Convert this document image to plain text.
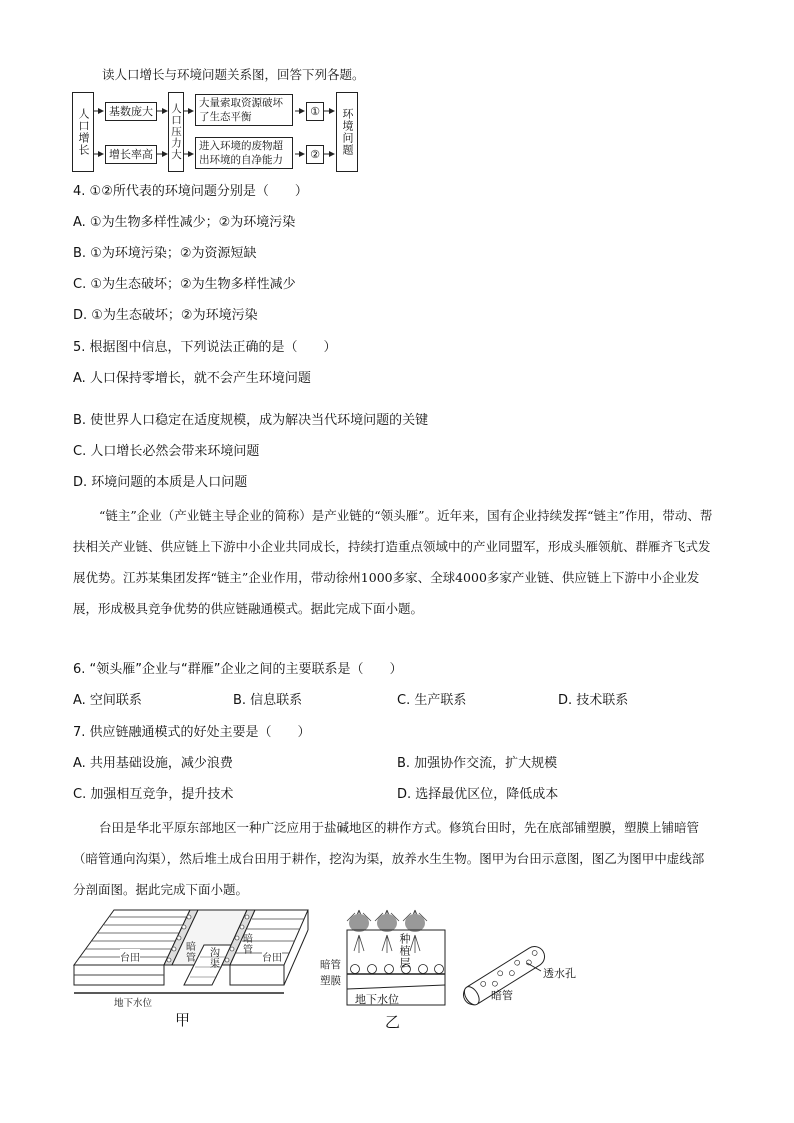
读人口增长与环境问题关系图，回答下列各题。
人口增长	基数庞大
增长率高	人口压力大
大量索取资源破坏了生态平衡
进入环境的废物超出环境的自净能力
①
②	环境问题
4. ①②所代表的环境问题分别是（　　）
A. ①为生物多样性减少；②为环境污染
B. ①为环境污染；②为资源短缺
C. ①为生态破坏；②为生物多样性减少
D. ①为生态破坏；②为环境污染
5. 根据图中信息，下列说法正确的是（　　）
A. 人口保持零增长，就不会产生环境问题
B. 使世界人口稳定在适度规模，成为解决当代环境问题的关键
C. 人口增长必然会带来环境问题
D. 环境问题的本质是人口问题
“链主”企业（产业链主导企业的简称）是产业链的“领头雁”。近年来，国有企业持续发挥“链主”作用，带动、帮扶相关产业链、供应链上下游中小企业共同成长，持续打造重点领域中的产业同盟军，形成头雁领航、群雁齐飞式发展优势。江苏某集团发挥“链主”企业作用，带动徐州1000多家、全球4000多家产业链、供应链上下游中小企业发展，形成极具竞争优势的供应链融通模式。据此完成下面小题。
6. “领头雁”企业与“群雁”企业之间的主要联系是（　　）
A. 空间联系	B. 信息联系	C. 生产联系	D. 技术联系
7. 供应链融通模式的好处主要是（　　）
A. 共用基础设施，减少浪费	B. 加强协作交流，扩大规模
C. 加强相互竞争，提升技术	D. 选择最优区位，降低成本
台田是华北平原东部地区一种广泛应用于盐碱地区的耕作方式。修筑台田时，先在底部铺塑膜，塑膜上铺暗管（暗管通向沟渠），然后堆土成台田用于耕作，挖沟为渠，放养水生生物。图甲为台田示意图，图乙为图甲中虚线部分剖面图。据此完成下面小题。
台田	台田
暗管	暗管
沟渠
地下水位
甲
种植层
暗管
塑膜
地下水位	暗管
透水孔
乙
